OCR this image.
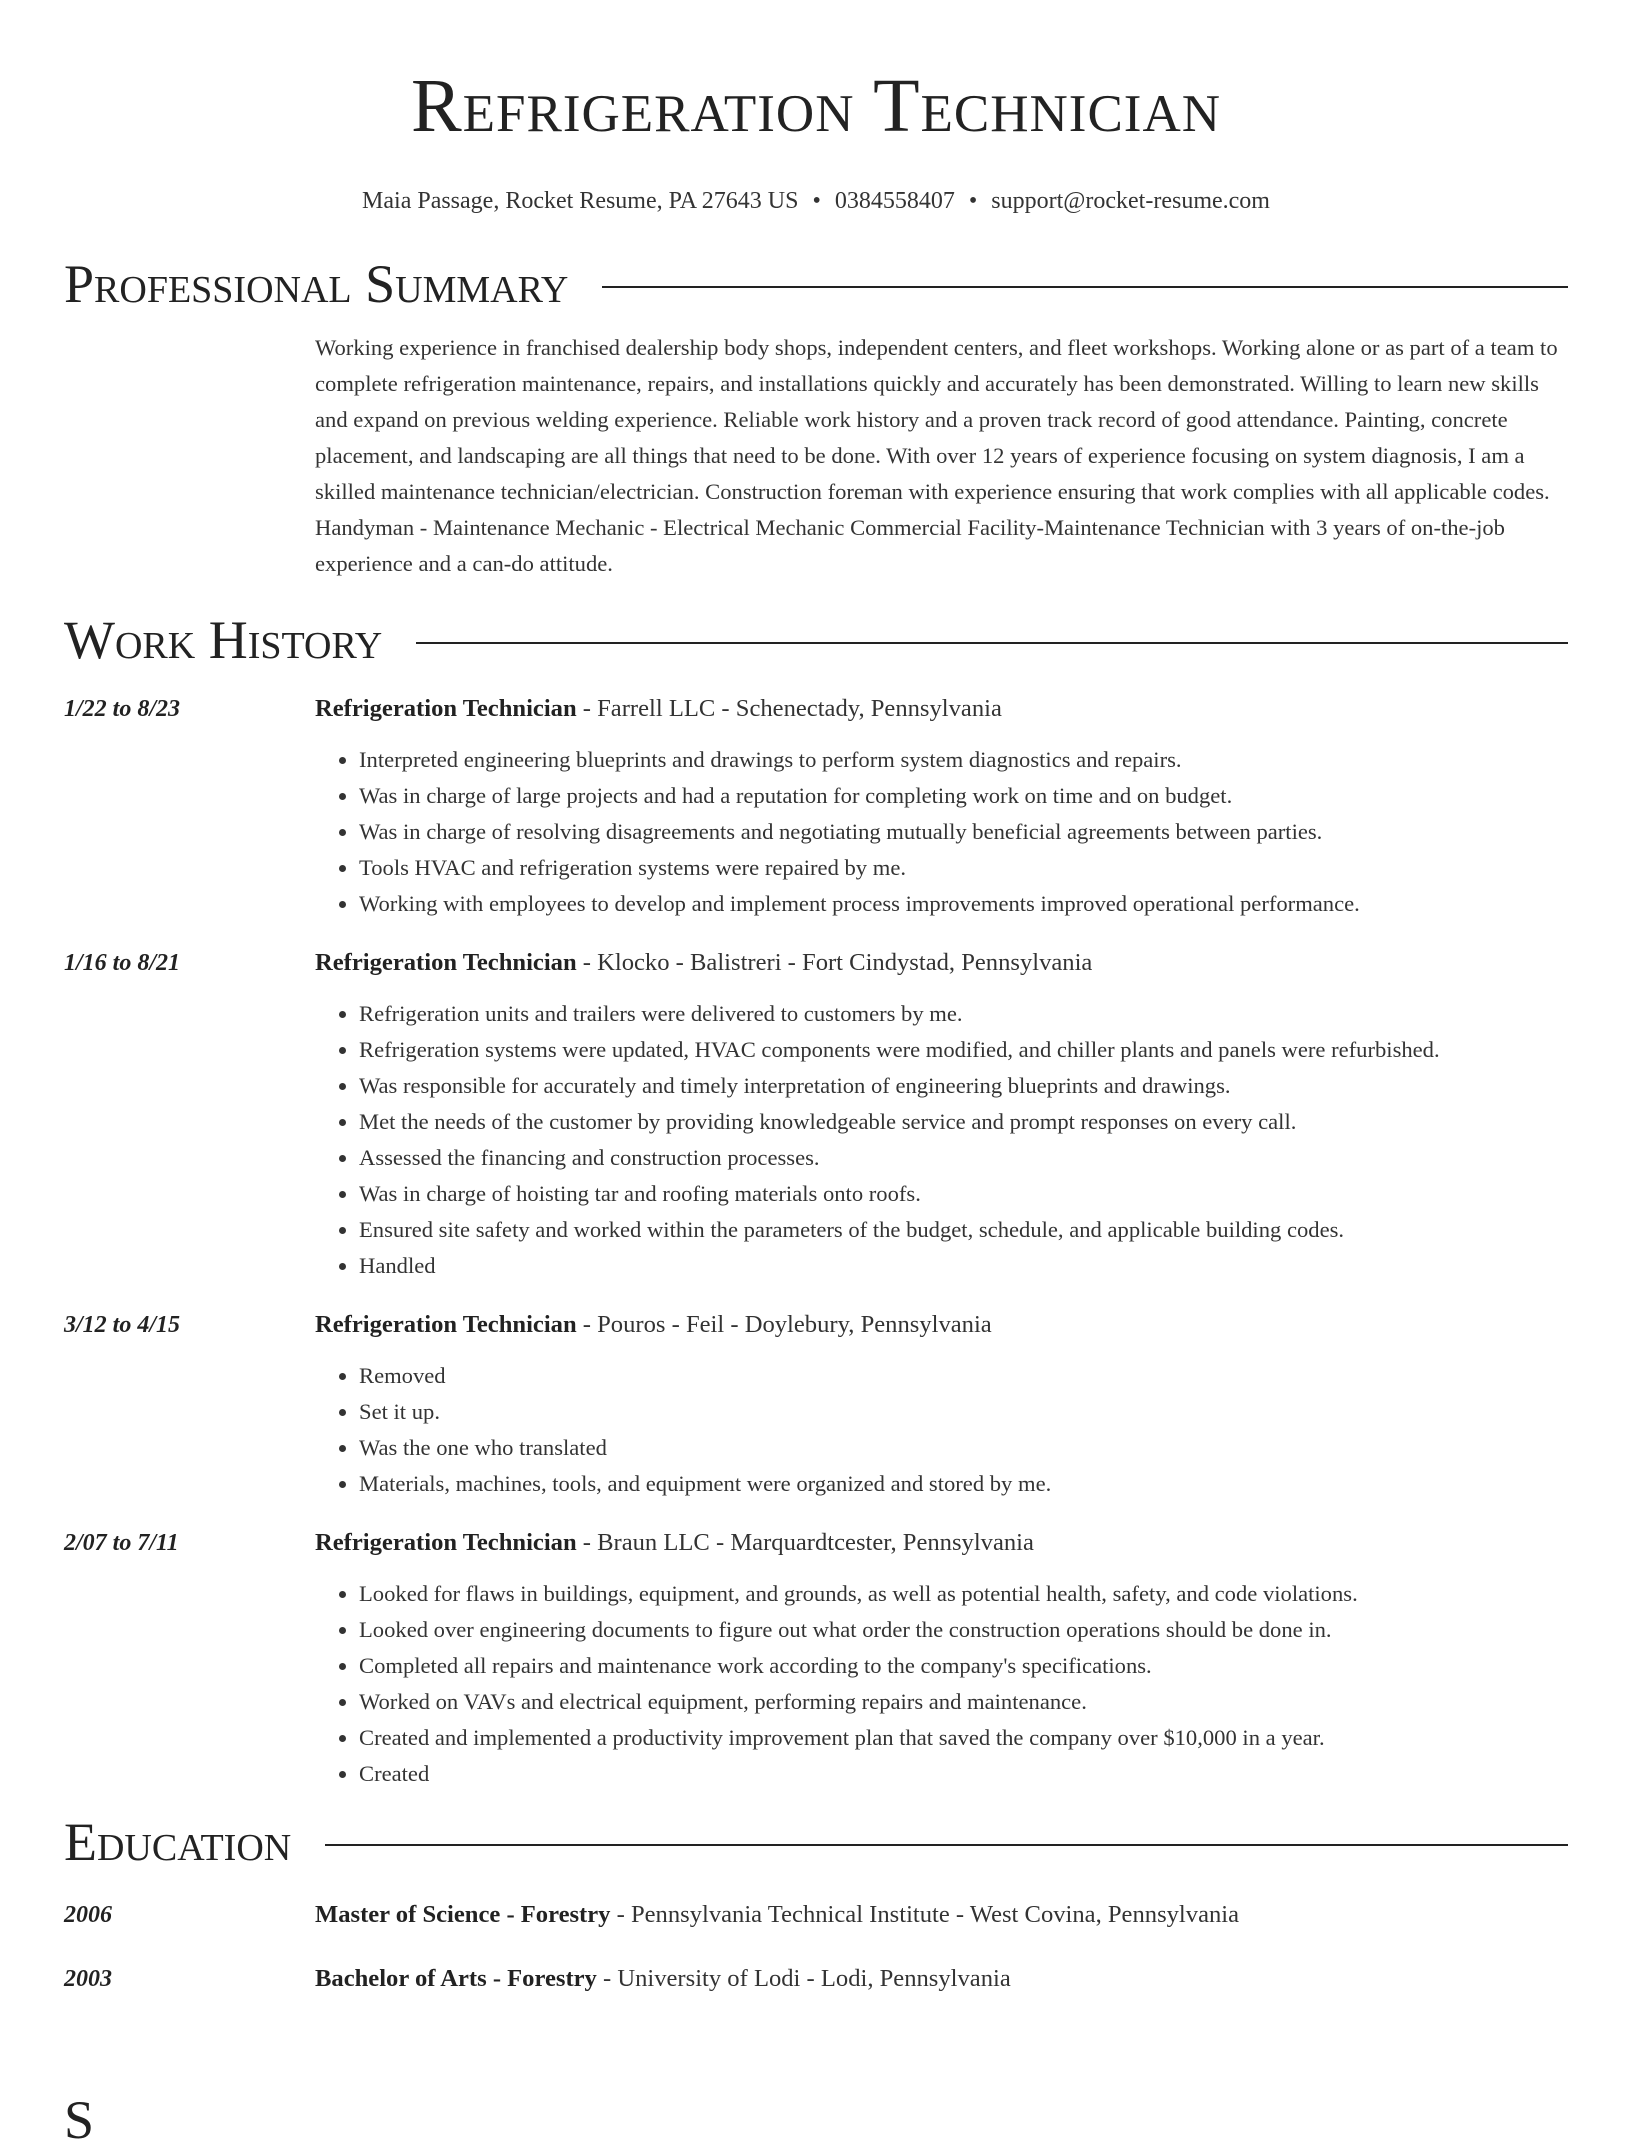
Refrigeration Technician
Maia Passage, Rocket Resume, PA 27643 US • 0384558407 • support@rocket-resume.com
Professional Summary
Working experience in franchised dealership body shops, independent centers, and fleet workshops. Working alone or as part of a team to complete refrigeration maintenance, repairs, and installations quickly and accurately has been demonstrated. Willing to learn new skills and expand on previous welding experience. Reliable work history and a proven track record of good attendance. Painting, concrete placement, and landscaping are all things that need to be done. With over 12 years of experience focusing on system diagnosis, I am a skilled maintenance technician/electrician. Construction foreman with experience ensuring that work complies with all applicable codes. Handyman - Maintenance Mechanic - Electrical Mechanic Commercial Facility-Maintenance Technician with 3 years of on-the-job experience and a can-do attitude.
Work History
1/22 to 8/23	Refrigeration Technician - Farrell LLC - Schenectady, Pennsylvania
• Interpreted engineering blueprints and drawings to perform system diagnostics and repairs.
• Was in charge of large projects and had a reputation for completing work on time and on budget.
• Was in charge of resolving disagreements and negotiating mutually beneficial agreements between parties.
• Tools HVAC and refrigeration systems were repaired by me.
• Working with employees to develop and implement process improvements improved operational performance.
1/16 to 8/21	Refrigeration Technician - Klocko - Balistreri - Fort Cindystad, Pennsylvania
• Refrigeration units and trailers were delivered to customers by me.
• Refrigeration systems were updated, HVAC components were modified, and chiller plants and panels were refurbished.
• Was responsible for accurately and timely interpretation of engineering blueprints and drawings.
• Met the needs of the customer by providing knowledgeable service and prompt responses on every call.
• Assessed the financing and construction processes.
• Was in charge of hoisting tar and roofing materials onto roofs.
• Ensured site safety and worked within the parameters of the budget, schedule, and applicable building codes.
• Handled
3/12 to 4/15	Refrigeration Technician - Pouros - Feil - Doylebury, Pennsylvania
• Removed
• Set it up.
• Was the one who translated
• Materials, machines, tools, and equipment were organized and stored by me.
2/07 to 7/11	Refrigeration Technician - Braun LLC - Marquardtcester, Pennsylvania
• Looked for flaws in buildings, equipment, and grounds, as well as potential health, safety, and code violations.
• Looked over engineering documents to figure out what order the construction operations should be done in.
• Completed all repairs and maintenance work according to the company's specifications.
• Worked on VAVs and electrical equipment, performing repairs and maintenance.
• Created and implemented a productivity improvement plan that saved the company over $10,000 in a year.
• Created
Education
2006	Master of Science - Forestry - Pennsylvania Technical Institute - West Covina, Pennsylvania
2003	Bachelor of Arts - Forestry - University of Lodi - Lodi, Pennsylvania
S
